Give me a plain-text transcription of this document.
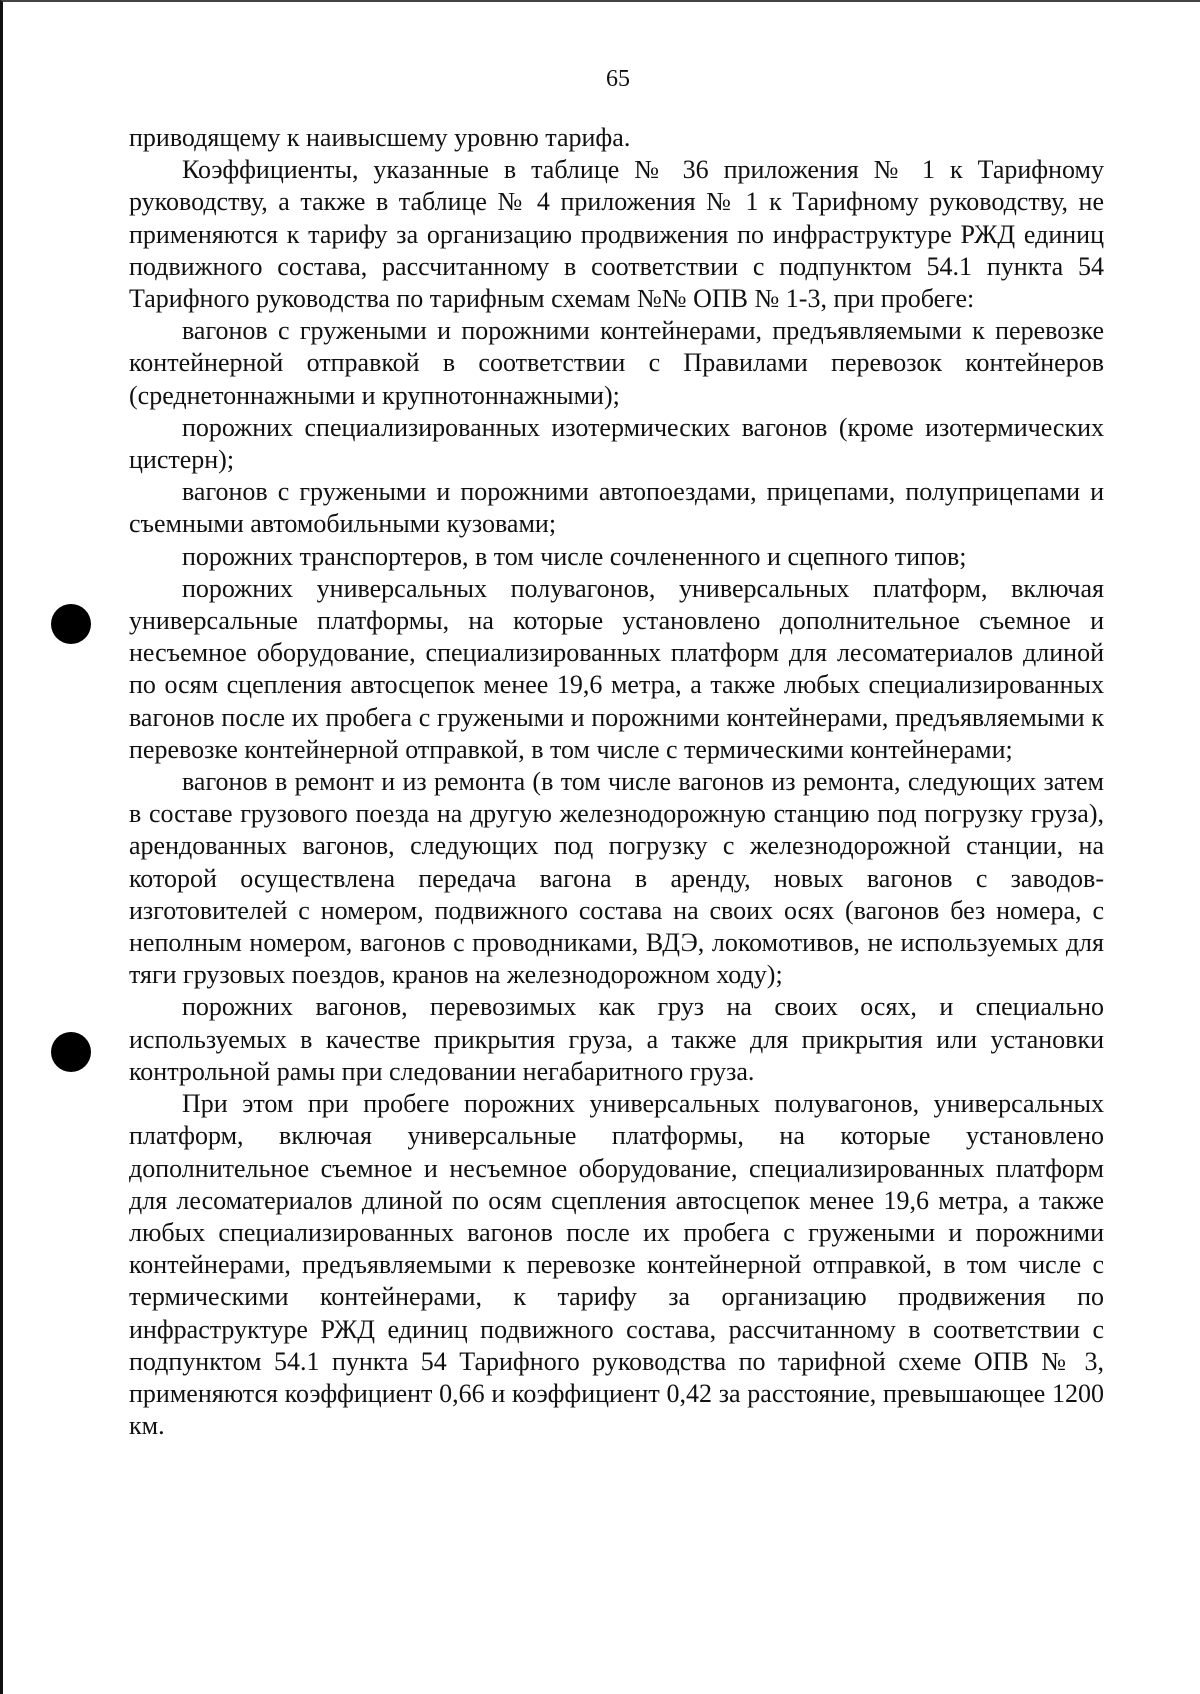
65

приводящему к наивысшему уровню тарифа.

Коэффициенты, указанные в таблице № 36 приложения № 1 к Тарифному руководству, а также в таблице № 4 приложения № 1 к Тарифному руководству, не применяются к тарифу за организацию продвижения по инфраструктуре РЖД единиц подвижного состава, рассчитанному в соответствии с подпунктом 54.1 пункта 54 Тарифного руководства по тарифным схемам №№ ОПВ № 1-3, при пробеге:

вагонов с гружеными и порожними контейнерами, предъявляемыми к перевозке контейнерной отправкой в соответствии с Правилами перевозок контейнеров (среднетоннажными и крупнотоннажными);

порожних специализированных изотермических вагонов (кроме изотермических цистерн);

вагонов с гружеными и порожними автопоездами, прицепами, полуприцепами и съемными автомобильными кузовами;

порожних транспортеров, в том числе сочлененного и сцепного типов;

порожних универсальных полувагонов, универсальных платформ, включая универсальные платформы, на которые установлено дополнительное съемное и несъемное оборудование, специализированных платформ для лесоматериалов длиной по осям сцепления автосцепок менее 19,6 метра, а также любых специализированных вагонов после их пробега с гружеными и порожними контейнерами, предъявляемыми к перевозке контейнерной отправкой, в том числе с термическими контейнерами;

вагонов в ремонт и из ремонта (в том числе вагонов из ремонта, следующих затем в составе грузового поезда на другую железнодорожную станцию под погрузку груза), арендованных вагонов, следующих под погрузку с железнодорожной станции, на которой осуществлена передача вагона в аренду, новых вагонов с заводов-изготовителей с номером, подвижного состава на своих осях (вагонов без номера, с неполным номером, вагонов с проводниками, ВДЭ, локомотивов, не используемых для тяги грузовых поездов, кранов на железнодорожном ходу);

порожних вагонов, перевозимых как груз на своих осях, и специально используемых в качестве прикрытия груза, а также для прикрытия или установки контрольной рамы при следовании негабаритного груза.

При этом при пробеге порожних универсальных полувагонов, универсальных платформ, включая универсальные платформы, на которые установлено дополнительное съемное и несъемное оборудование, специализированных платформ для лесоматериалов длиной по осям сцепления автосцепок менее 19,6 метра, а также любых специализированных вагонов после их пробега с гружеными и порожними контейнерами, предъявляемыми к перевозке контейнерной отправкой, в том числе с термическими контейнерами, к тарифу за организацию продвижения по инфраструктуре РЖД единиц подвижного состава, рассчитанному в соответствии с подпунктом 54.1 пункта 54 Тарифного руководства по тарифной схеме ОПВ № 3, применяются коэффициент 0,66 и коэффициент 0,42 за расстояние, превышающее 1200 км.
